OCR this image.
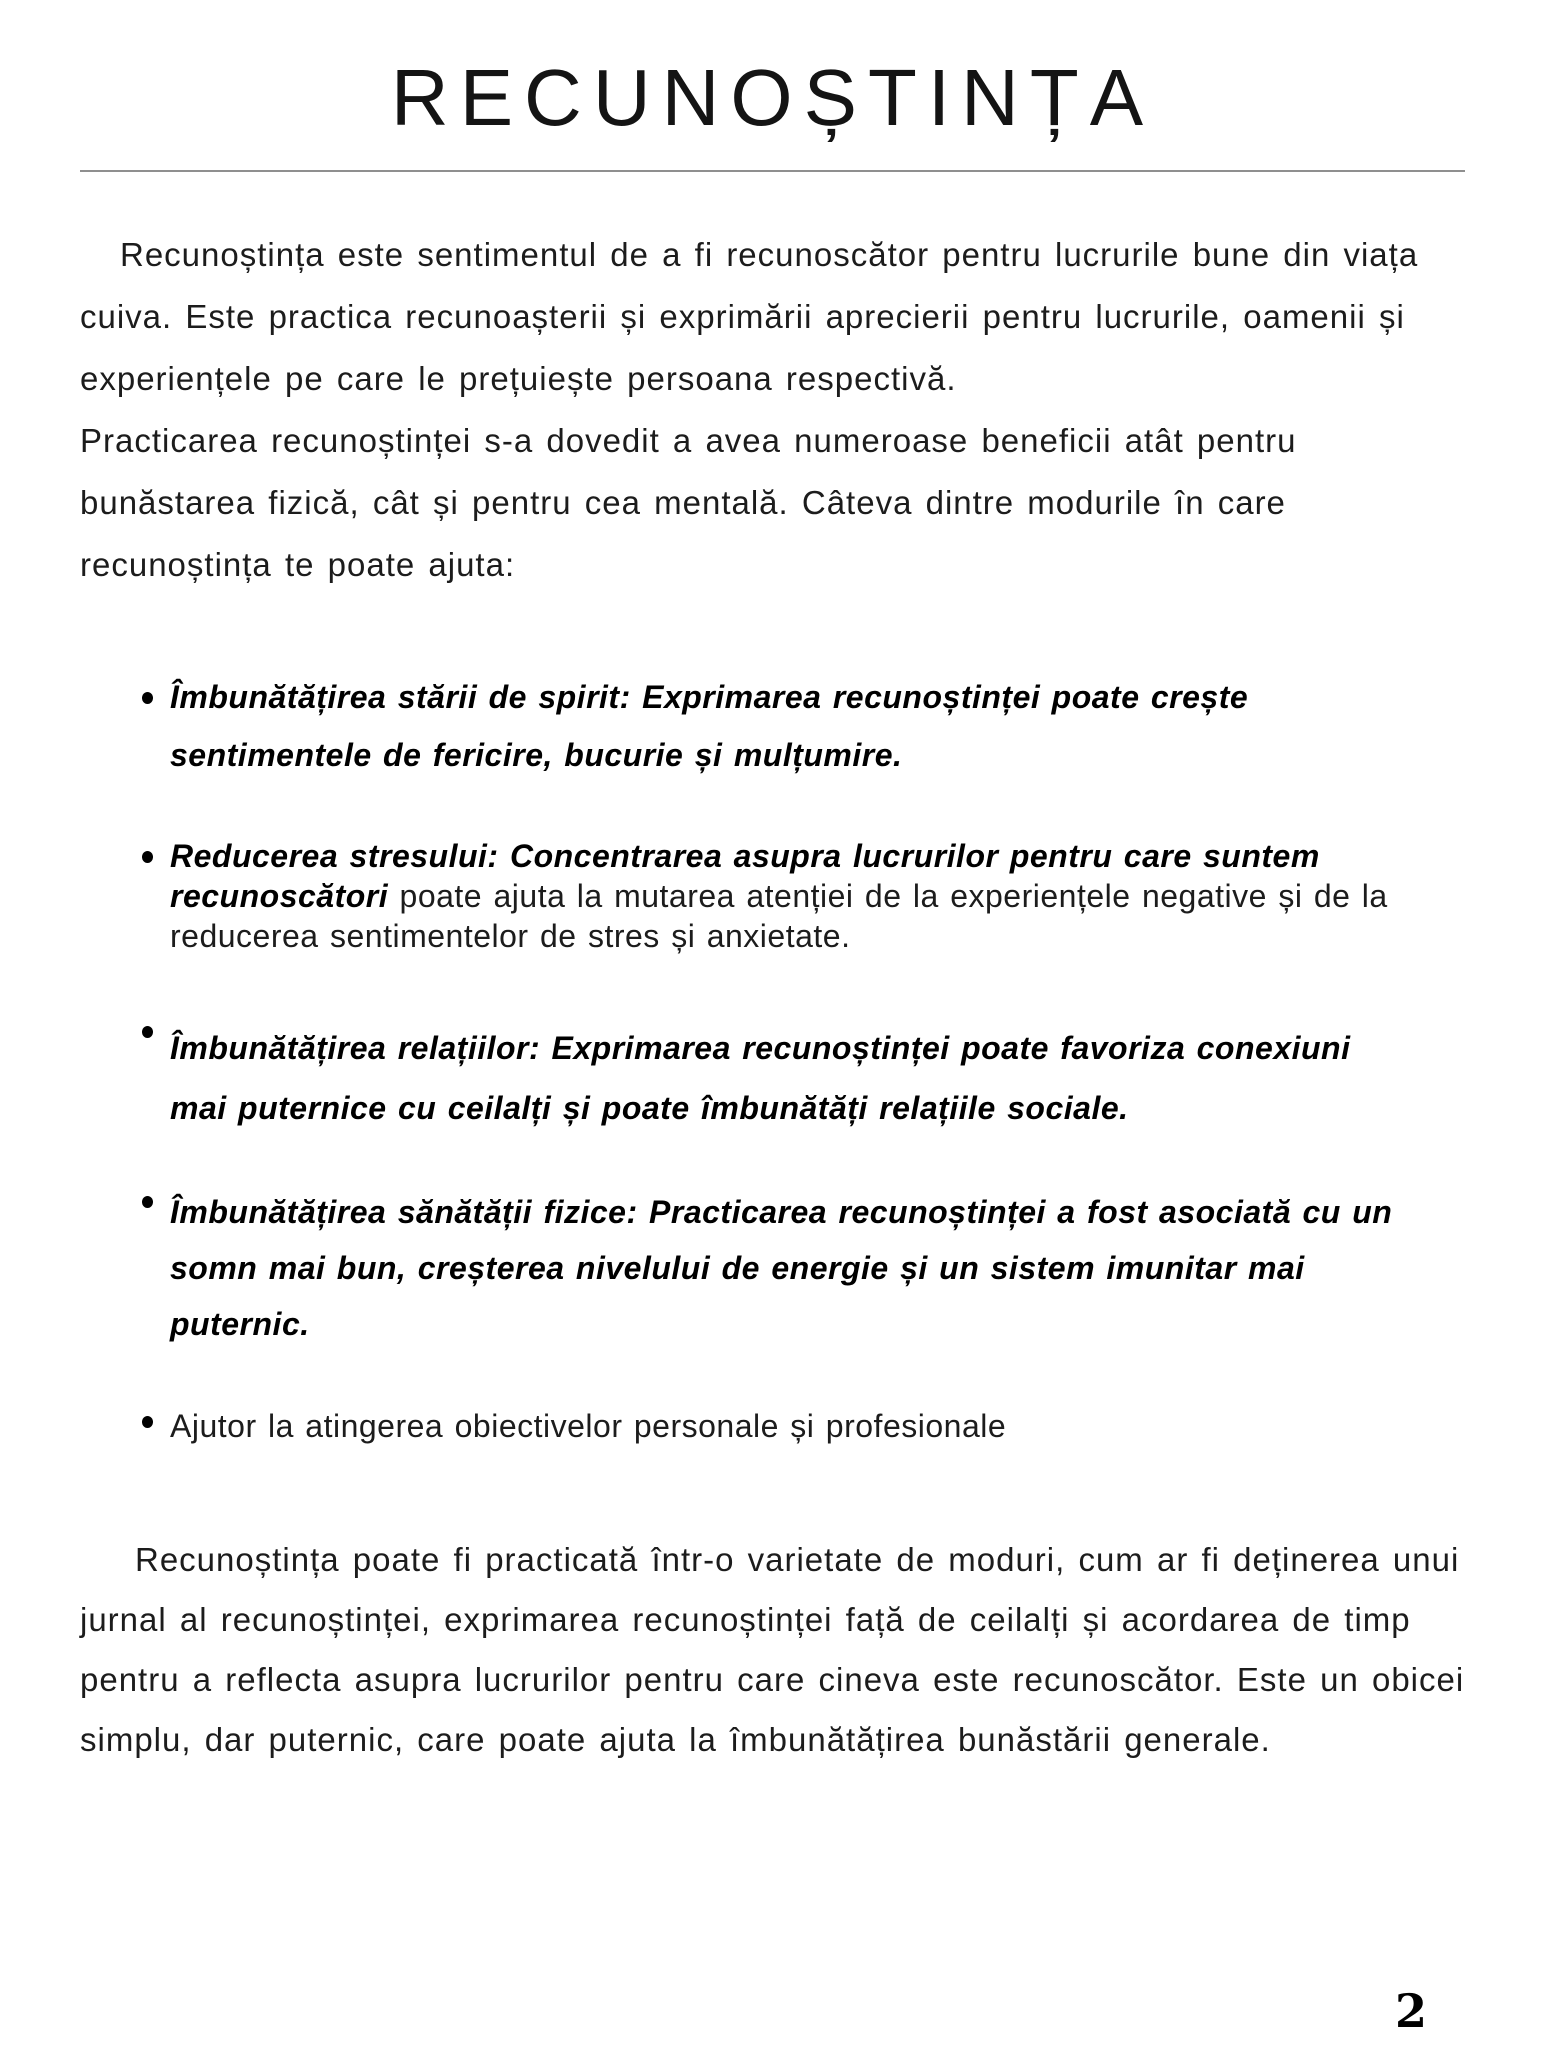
RECUNOȘTINȚA

Recunoștința este sentimentul de a fi recunoscător pentru lucrurile bune din viața cuiva. Este practica recunoașterii și exprimării aprecierii pentru lucrurile, oamenii și experiențele pe care le prețuiește persoana respectivă.

Practicarea recunoștinței s-a dovedit a avea numeroase beneficii atât pentru bunăstarea fizică, cât și pentru cea mentală. Câteva dintre modurile în care recunoștința te poate ajuta:

Îmbunătățirea stării de spirit: Exprimarea recunoștinței poate crește sentimentele de fericire, bucurie și mulțumire.
Reducerea stresului: Concentrarea asupra lucrurilor pentru care suntem recunoscători poate ajuta la mutarea atenției de la experiențele negative și de la reducerea sentimentelor de stres și anxietate.
Îmbunătățirea relațiilor: Exprimarea recunoștinței poate favoriza conexiuni mai puternice cu ceilalți și poate îmbunătăți relațiile sociale.
Îmbunătățirea sănătății fizice: Practicarea recunoștinței a fost asociată cu un somn mai bun, creșterea nivelului de energie și un sistem imunitar mai puternic.
Ajutor la atingerea obiectivelor personale și profesionale

Recunoștința poate fi practicată într-o varietate de moduri, cum ar fi deținerea unui jurnal al recunoștinței, exprimarea recunoștinței față de ceilalți și acordarea de timp pentru a reflecta asupra lucrurilor pentru care cineva este recunoscător. Este un obicei simplu, dar puternic, care poate ajuta la îmbunătățirea bunăstării generale.

2
